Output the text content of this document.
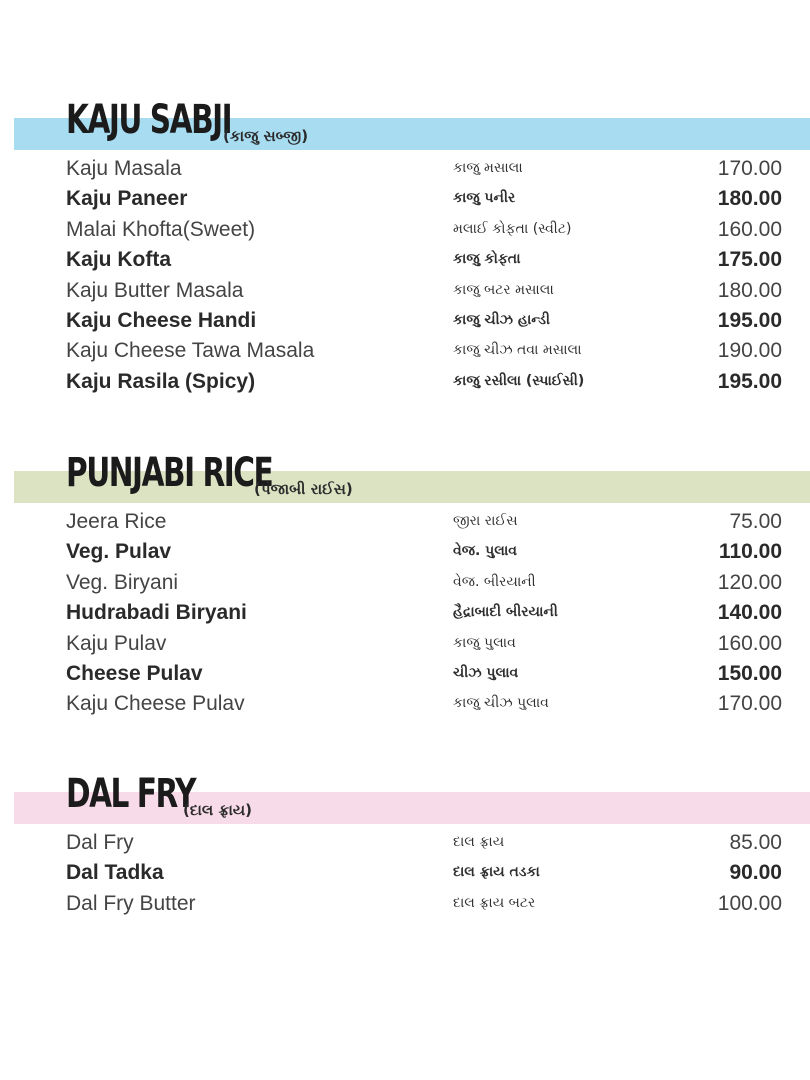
KAJU SABJI
(કાજુ સબ્જી)
Kaju Masala	કાજુ મસાલા	170.00
Kaju Paneer	કાજુ પનીર	180.00
Malai Khofta(Sweet)	મલાઈ કોફતા (સ્વીટ)	160.00
Kaju Kofta	કાજુ કોફતા	175.00
Kaju Butter Masala	કાજુ બટર મસાલા	180.00
Kaju Cheese Handi	કાજુ ચીઝ હાન્ડી	195.00
Kaju Cheese Tawa Masala	કાજુ ચીઝ તવા મસાલા	190.00
Kaju Rasila (Spicy)	કાજુ રસીલા (સ્પાઈસી)	195.00
PUNJABI RICE
(પંજાબી રાઈસ)
Jeera Rice	જીરા રાઈસ	75.00
Veg. Pulav	વેજ. પુલાવ	110.00
Veg. Biryani	વેજ. બીરયાની	120.00
Hudrabadi Biryani	હૈદ્રાબાદી બીરયાની	140.00
Kaju Pulav	કાજુ પુલાવ	160.00
Cheese Pulav	ચીઝ પુલાવ	150.00
Kaju Cheese Pulav	કાજુ ચીઝ પુલાવ	170.00
DAL FRY
(દાલ ફ્રાય)
Dal Fry	દાલ ફ્રાય	85.00
Dal Tadka	દાલ ફ્રાય તડકા	90.00
Dal Fry Butter	દાલ ફ્રાય બટર	100.00
